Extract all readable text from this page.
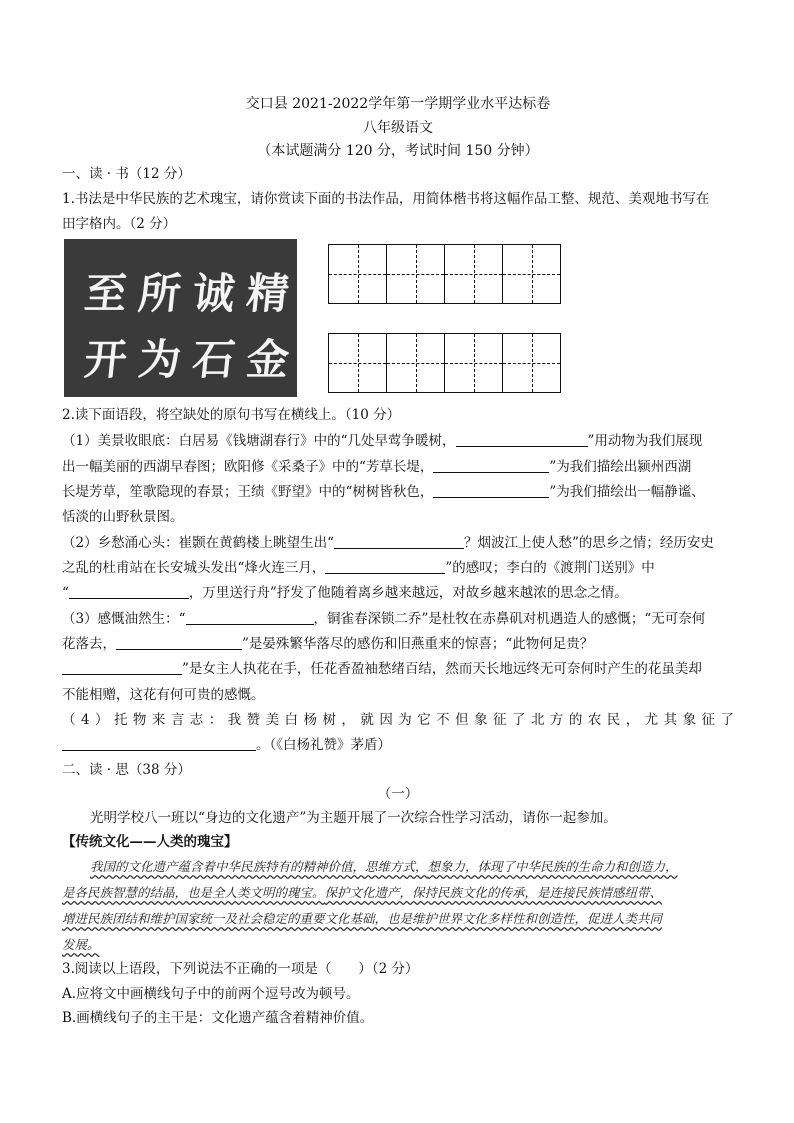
交口县 2021-2022学年第一学期学业水平达标卷
八年级语文
（本试题满分 120 分，考试时间 150 分钟）
一、读 · 书（12 分）
1.书法是中华民族的艺术瑰宝，请你赏读下面的书法作品，用简体楷书将这幅作品工整、规范、美观地书写在
田字格内。（2 分）
至 所 诚 精
开 为 石 金
2.读下面语段，将空缺处的原句书写在横线上。（10 分）
（1）美景收眼底：白居易《钱塘湖春行》中的“几处早莺争暖树，	”用动物为我们展现
出一幅美丽的西湖早春图；欧阳修《采桑子》中的“芳草长堤，	”为我们描绘出颍州西湖
长堤芳草，笙歌隐现的春景；王绩《野望》中的“树树皆秋色，	”为我们描绘出一幅静谧、
恬淡的山野秋景图。
（2）乡愁涌心头：崔颢在黄鹤楼上眺望生出“	？烟波江上使人愁”的思乡之情；经历安史
之乱的杜甫站在长安城头发出“烽火连三月，	”的感叹；李白的《渡荆门送别》中
“	，万里送行舟”抒发了他随着离乡越来越远，对故乡越来越浓的思念之情。
（3）感慨油然生：“	，铜雀春深锁二乔”是杜牧在赤鼻矶对机遇造人的感慨；“无可奈何
花落去，	”是晏殊繁华落尽的感伤和旧燕重来的惊喜；“此物何足贵？
”是女主人执花在手，任花香盈袖愁绪百结，然而天长地远终无可奈何时产生的花虽美却
不能相赠，这花有何可贵的感慨。
（4）托物来言志：我赞美白杨树，就因为它不但象征了北方的农民，尤其象征了
。（《白杨礼赞》茅盾）
二、读 · 思（38 分）
（一）
光明学校八一班以“身边的文化遗产”为主题开展了一次综合性学习活动，请你一起参加。
【传统文化——人类的瑰宝】
我国的文化遗产蕴含着中华民族特有的精神价值，思维方式，想象力，体现了中华民族的生命力和创造力，
是各民族智慧的结晶，也是全人类文明的瑰宝。保护文化遗产，保持民族文化的传承，是连接民族情感纽带、
增进民族团结和维护国家统一及社会稳定的重要文化基础，也是维护世界文化多样性和创造性，促进人类共同
发展。
3.阅读以上语段，下列说法不正确的一项是（　　）（2 分）
A.应将文中画横线句子中的前两个逗号改为顿号。
B.画横线句子的主干是：文化遗产蕴含着精神价值。
